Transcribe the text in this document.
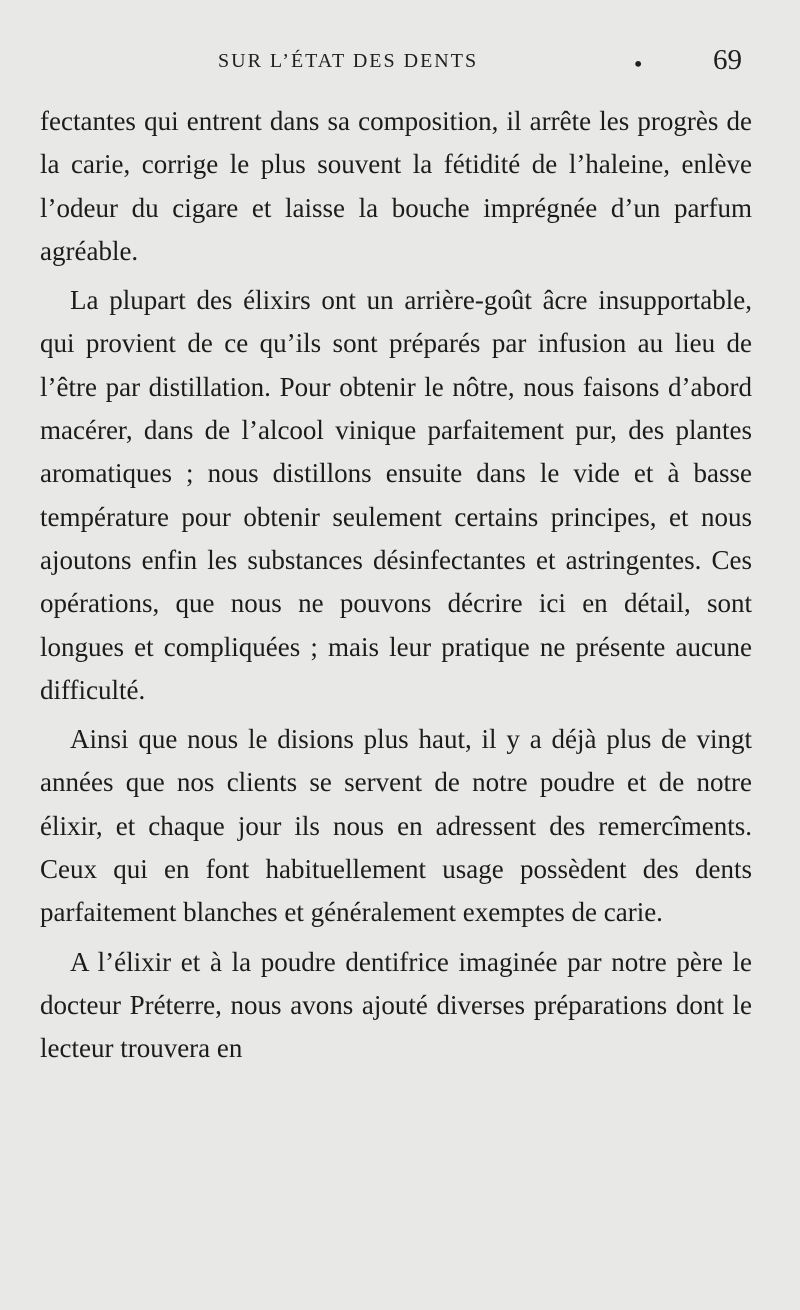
SUR L’ÉTAT DES DENTS	• 69

fectantes qui entrent dans sa composition, il arrête les progrès de la carie, corrige le plus souvent la fétidité de l’haleine, enlève l’odeur du cigare et laisse la bouche imprégnée d’un parfum agréable.

La plupart des élixirs ont un arrière-goût âcre insupportable, qui provient de ce qu’ils sont préparés par infusion au lieu de l’être par distillation. Pour obtenir le nôtre, nous faisons d’abord macérer, dans de l’alcool vinique parfaitement pur, des plantes aromatiques ; nous distillons ensuite dans le vide et à basse température pour obtenir seulement certains principes, et nous ajoutons enfin les substances désinfectantes et astringentes. Ces opérations, que nous ne pouvons décrire ici en détail, sont longues et compliquées ; mais leur pratique ne présente aucune difficulté.

Ainsi que nous le disions plus haut, il y a déjà plus de vingt années que nos clients se servent de notre poudre et de notre élixir, et chaque jour ils nous en adressent des remercîments. Ceux qui en font habituellement usage possèdent des dents parfaitement blanches et généralement exemptes de carie.

A l’élixir et à la poudre dentifrice imaginée par notre père le docteur Préterre, nous avons ajouté diverses préparations dont le lecteur trouvera en
